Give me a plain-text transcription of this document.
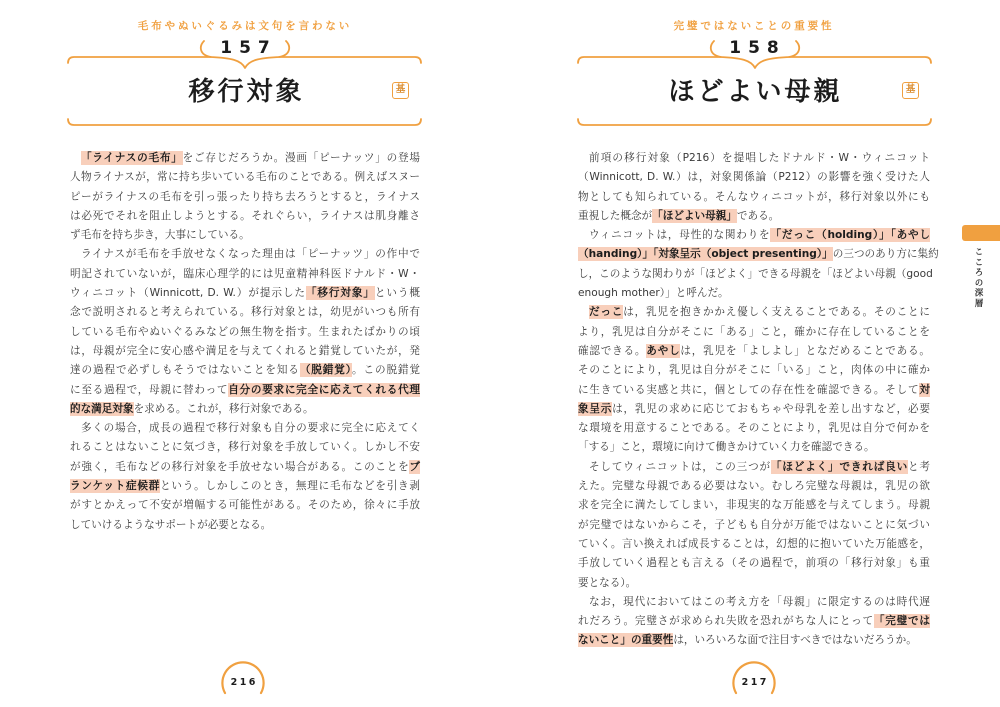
毛布やぬいぐるみは文句を言わない
157
移行対象	基
「ライナスの毛布」をご存じだろうか。漫画「ピーナッツ」の登場
人物ライナスが，常に持ち歩いている毛布のことである。例えばスヌー
ピーがライナスの毛布を引っ張ったり持ち去ろうとすると，ライナス
は必死でそれを阻止しようとする。それぐらい，ライナスは肌身離さ
ず毛布を持ち歩き，大事にしている。
ライナスが毛布を手放せなくなった理由は「ピーナッツ」の作中で
明記されていないが，臨床心理学的には児童精神科医ドナルド・W・
ウィニコット（Winnicott, D. W.）が提示した「移行対象」という概
念で説明されると考えられている。移行対象とは，幼児がいつも所有
している毛布やぬいぐるみなどの無生物を指す。生まれたばかりの頃
は，母親が完全に安心感や満足を与えてくれると錯覚していたが，発
達の過程で必ずしもそうではないことを知る（脱錯覚）。この脱錯覚
に至る過程で，母親に替わって自分の要求に完全に応えてくれる代理
的な満足対象を求める。これが，移行対象である。
多くの場合，成長の過程で移行対象も自分の要求に完全に応えてく
れることはないことに気づき，移行対象を手放していく。しかし不安
が強く，毛布などの移行対象を手放せない場合がある。このことをブ
ランケット症候群という。しかしこのとき，無理に毛布などを引き剥
がすとかえって不安が増幅する可能性がある。そのため，徐々に手放
していけるようなサポートが必要となる。
216
完璧ではないことの重要性
158
ほどよい母親	基
前項の移行対象（P216）を提唱したドナルド・W・ウィニコット
（Winnicott, D. W.）は，対象関係論（P212）の影響を強く受けた人
物としても知られている。そんなウィニコットが，移行対象以外にも
重視した概念が「ほどよい母親」である。
ウィニコットは，母性的な関わりを「だっこ（holding）」「あやし
（handing）」「対象呈示（object presenting）」の三つのあり方に集約
し，このような関わりが「ほどよく」できる母親を「ほどよい母親（good
enough mother）」と呼んだ。
だっこは，乳児を抱きかかえ優しく支えることである。そのことに
より，乳児は自分がそこに「ある」こと，確かに存在していることを
確認できる。あやしは，乳児を「よしよし」となだめることである。
そのことにより，乳児は自分がそこに「いる」こと，肉体の中に確か
に生きている実感と共に，個としての存在性を確認できる。そして対
象呈示は，乳児の求めに応じておもちゃや母乳を差し出すなど，必要
な環境を用意することである。そのことにより，乳児は自分で何かを
「する」こと，環境に向けて働きかけていく力を確認できる。
そしてウィニコットは，この三つが「ほどよく」できれば良いと考
えた。完璧な母親である必要はない。むしろ完璧な母親は，乳児の欲
求を完全に満たしてしまい，非現実的な万能感を与えてしまう。母親
が完璧ではないからこそ，子どもも自分が万能ではないことに気づい
ていく。言い換えれば成長することは，幻想的に抱いていた万能感を，
手放していく過程とも言える（その過程で，前項の「移行対象」も重
要となる）。
なお，現代においてはこの考え方を「母親」に限定するのは時代遅
れだろう。完璧さが求められ失敗を恐れがちな人にとって「完璧では
ないこと」の重要性は，いろいろな面で注目すべきではないだろうか。
217
こころの深層
